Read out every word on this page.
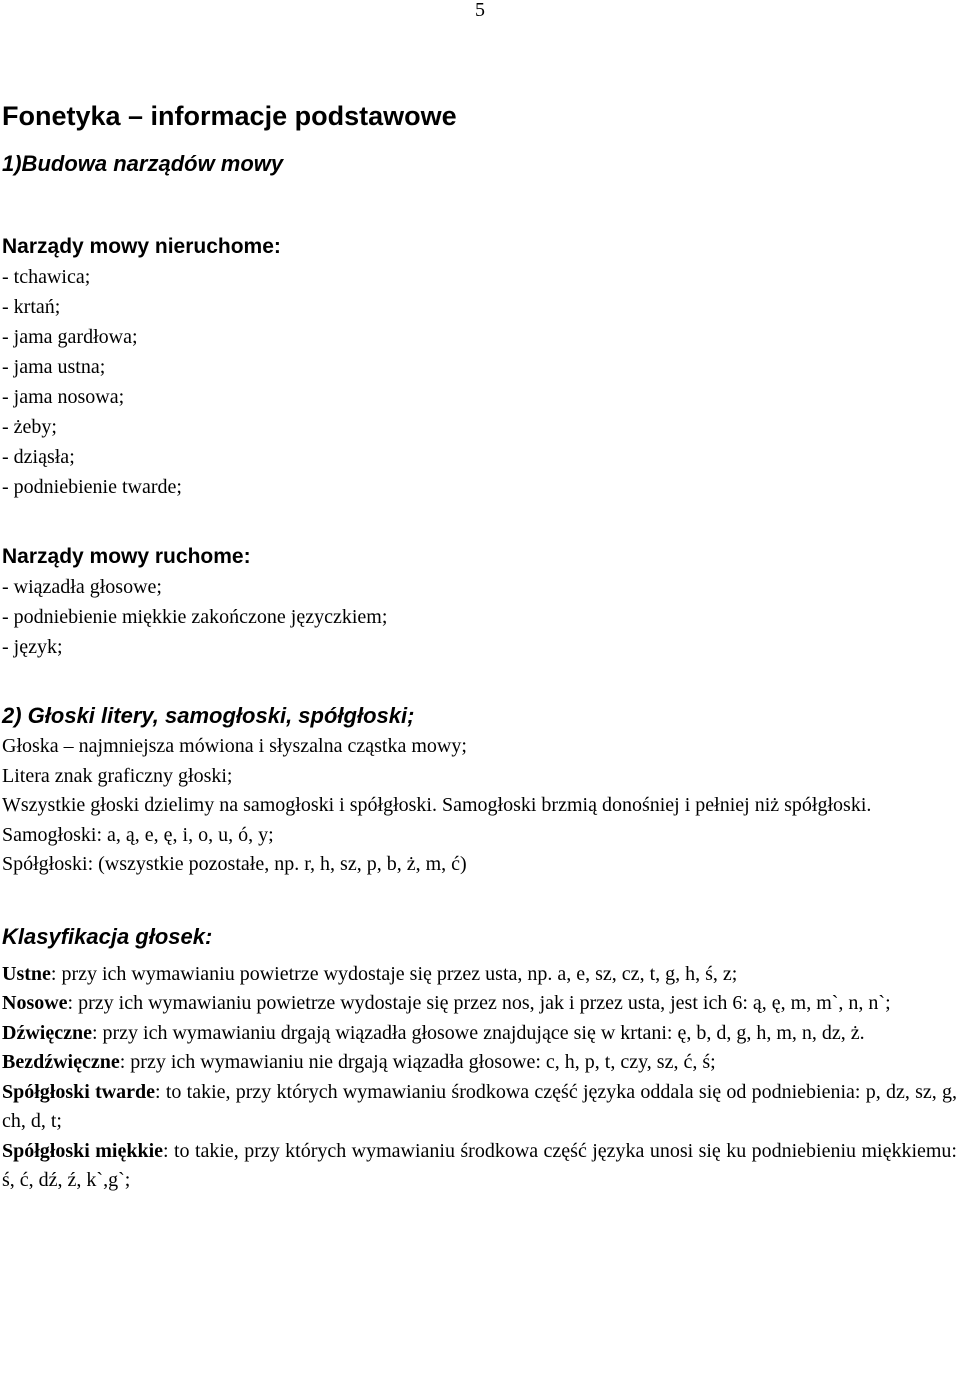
5
Fonetyka – informacje podstawowe
1)Budowa narządów mowy
Narządy mowy nieruchome:
- tchawica;
- krtań;
- jama gardłowa;
- jama ustna;
- jama nosowa;
- żeby;
- dziąsła;
- podniebienie twarde;
Narządy mowy ruchome:
- wiązadła głosowe;
- podniebienie miękkie zakończone języczkiem;
- język;
2) Głoski litery, samogłoski, spółgłoski;
Głoska – najmniejsza mówiona i słyszalna cząstka mowy;
Litera znak graficzny głoski;
Wszystkie głoski dzielimy na samogłoski i spółgłoski. Samogłoski brzmią donośniej i pełniej niż spółgłoski.
Samogłoski: a, ą, e, ę, i, o, u, ó, y;
Spółgłoski: (wszystkie pozostałe, np. r, h, sz, p, b, ż, m, ć)
Klasyfikacja głosek:
Ustne: przy ich wymawianiu powietrze wydostaje się przez usta, np. a, e, sz, cz, t, g, h, ś, z;
Nosowe: przy ich wymawianiu powietrze wydostaje się przez nos, jak i przez usta, jest ich 6: ą, ę, m, m`, n, n`;
Dźwięczne: przy ich wymawianiu drgają wiązadła głosowe znajdujące się w krtani: ę, b, d, g, h, m, n, dz, ż.
Bezdźwięczne: przy ich wymawianiu nie drgają wiązadła głosowe: c, h, p, t, czy, sz, ć, ś;
Spółgłoski twarde: to takie, przy których wymawianiu środkowa część języka oddala się od podniebienia: p, dz, sz, g, ch, d, t;
Spółgłoski miękkie: to takie, przy których wymawianiu środkowa część języka unosi się ku podniebieniu miękkiemu: ś, ć, dź, ź, k`,g`;
